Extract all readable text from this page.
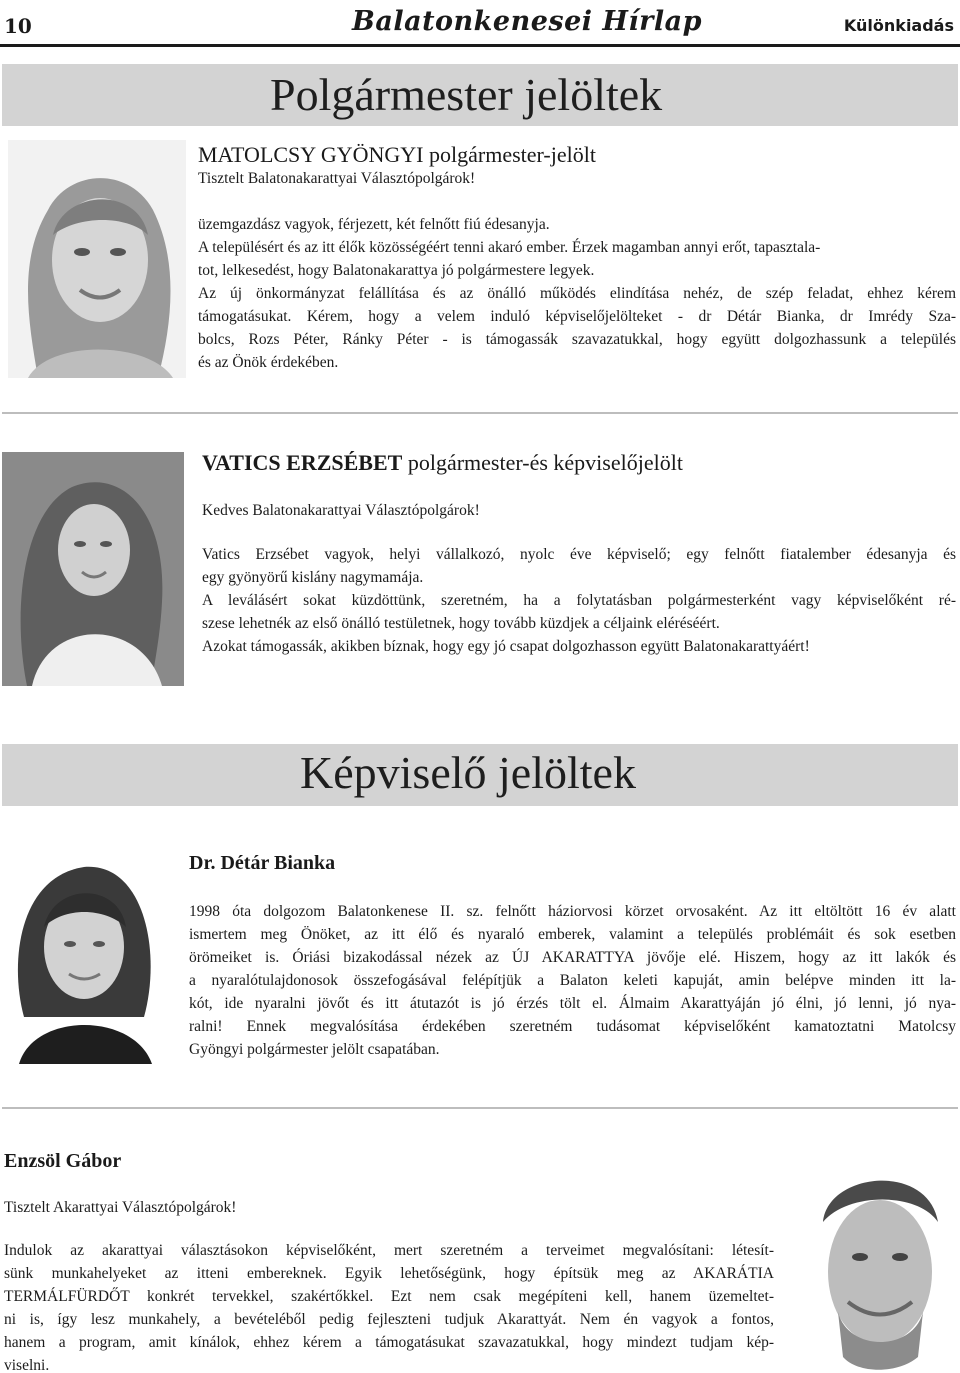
10	Balatonkenesei Hírlap	Különkiadás
Polgármester jelöltek
MATOLCSY GYÖNGYI polgármester-jelölt

Tisztelt Balatonakarattyai Választópolgárok!

üzemgazdász vagyok, férjezett, két felnőtt fiú édesanyja.

A településért és az itt élők közösségéért tenni akaró ember. Érzek magamban annyi erőt, tapasztala-

tot, lelkesedést, hogy Balatonakarattya jó polgármestere legyek.

Az új önkormányzat felállítása és az önálló működés elindítása nehéz, de szép feladat, ehhez kérem

támogatásukat. Kérem, hogy a velem induló képviselőjelölteket - dr Détár Bianka, dr Imrédy Sza-

bolcs, Rozs Péter, Ránky Péter - is támogassák szavazatukkal, hogy együtt dolgozhassunk a település

és az Önök érdekében.

VATICS ERZSÉBET polgármester-és képviselőjelölt

Kedves Balatonakarattyai Választópolgárok!

Vatics Erzsébet vagyok, helyi vállalkozó, nyolc éve képviselő; egy felnőtt fiatalember édesanyja és

egy gyönyörű kislány nagymamája.

A leválásért sokat küzdöttünk, szeretném, ha a folytatásban polgármesterként vagy képviselőként ré-

szese lehetnék az első önálló testületnek, hogy tovább küzdjek a céljaink eléréséért.

Azokat támogassák, akikben bíznak, hogy egy jó csapat dolgozhasson együtt Balatonakarattyáért!

Képviselő jelöltek
Dr. Détár Bianka

1998 óta dolgozom Balatonkenese II. sz. felnőtt háziorvosi körzet orvosaként. Az itt eltöltött 16 év alatt

ismertem meg Önöket, az itt élő és nyaraló emberek, valamint a település problémáit és sok esetben

örömeiket is. Óriási bizakodással nézek az ÚJ AKARATTYA jövője elé. Hiszem, hogy az itt lakók és

a nyaralótulajdonosok összefogásával felépítjük a Balaton keleti kapuját, amin belépve minden itt la-

kót, ide nyaralni jövőt és itt átutazót is jó érzés tölt el. Álmaim Akarattyáján jó élni, jó lenni, jó nya-

ralni! Ennek megvalósítása érdekében szeretném tudásomat képviselőként kamatoztatni Matolcsy

Gyöngyi polgármester jelölt csapatában.

Enzsöl Gábor

Tisztelt Akarattyai Választópolgárok!

Indulok az akarattyai választásokon képviselőként, mert szeretném a terveimet megvalósítani: létesít-

sünk munkahelyeket az itteni embereknek. Egyik lehetőségünk, hogy építsük meg az AKARÁTIA

TERMÁLFÜRDŐT konkrét tervekkel, szakértőkkel. Ezt nem csak megépíteni kell, hanem üzemeltet-

ni is, így lesz munkahely, a bevételéből pedig fejleszteni tudjuk Akarattyát. Nem én vagyok a fontos,

hanem a program, amit kínálok, ehhez kérem a támogatásukat szavazatukkal, hogy mindezt tudjam kép-

viselni.
